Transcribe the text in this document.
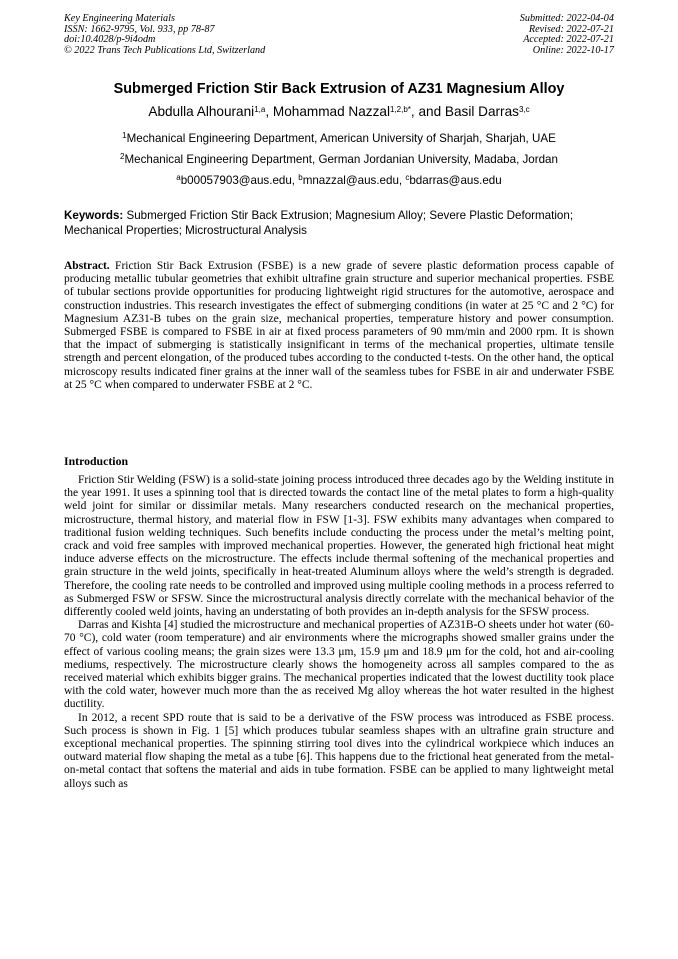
Key Engineering Materials
ISSN: 1662-9795, Vol. 933, pp 78-87
doi:10.4028/p-9i4odm
© 2022 Trans Tech Publications Ltd, Switzerland
Submitted: 2022-04-04
Revised: 2022-07-21
Accepted: 2022-07-21
Online: 2022-10-17
Submerged Friction Stir Back Extrusion of AZ31 Magnesium Alloy
Abdulla Alhourani$^{1,a}$, Mohammad Nazzal$^{1,2,b*}$, and Basil Darras$^{3,c}$
$^1$Mechanical Engineering Department, American University of Sharjah, Sharjah, UAE
$^2$Mechanical Engineering Department, German Jordanian University, Madaba, Jordan
$^a$b00057903@aus.edu, $^b$mnazzal@aus.edu, $^c$bdarras@aus.edu
Keywords: Submerged Friction Stir Back Extrusion; Magnesium Alloy; Severe Plastic Deformation; Mechanical Properties; Microstructural Analysis
Abstract. Friction Stir Back Extrusion (FSBE) is a new grade of severe plastic deformation process capable of producing metallic tubular geometries that exhibit ultrafine grain structure and superior mechanical properties. FSBE of tubular sections provide opportunities for producing lightweight rigid structures for the automotive, aerospace and construction industries. This research investigates the effect of submerging conditions (in water at 25 °C and 2 °C) for Magnesium AZ31-B tubes on the grain size, mechanical properties, temperature history and power consumption. Submerged FSBE is compared to FSBE in air at fixed process parameters of 90 mm/min and 2000 rpm. It is shown that the impact of submerging is statistically insignificant in terms of the mechanical properties, ultimate tensile strength and percent elongation, of the produced tubes according to the conducted t-tests. On the other hand, the optical microscopy results indicated finer grains at the inner wall of the seamless tubes for FSBE in air and underwater FSBE at 25 °C when compared to underwater FSBE at 2 °C.
Introduction

Friction Stir Welding (FSW) is a solid-state joining process introduced three decades ago by the Welding institute in the year 1991. It uses a spinning tool that is directed towards the contact line of the metal plates to form a high-quality weld joint for similar or dissimilar metals. Many researchers conducted research on the mechanical properties, microstructure, thermal history, and material flow in FSW [1-3]. FSW exhibits many advantages when compared to traditional fusion welding techniques. Such benefits include conducting the process under the metal’s melting point, crack and void free samples with improved mechanical properties. However, the generated high frictional heat might induce adverse effects on the microstructure. The effects include thermal softening of the mechanical properties and grain structure in the weld joints, specifically in heat-treated Aluminum alloys where the weld’s strength is degraded. Therefore, the cooling rate needs to be controlled and improved using multiple cooling methods in a process referred to as Submerged FSW or SFSW. Since the microstructural analysis directly correlate with the mechanical behavior of the differently cooled weld joints, having an understating of both provides an in-depth analysis for the SFSW process.

Darras and Kishta [4] studied the microstructure and mechanical properties of AZ31B-O sheets under hot water (60-70 °C), cold water (room temperature) and air environments where the micrographs showed smaller grains under the effect of various cooling means; the grain sizes were 13.3 μm, 15.9 μm and 18.9 μm for the cold, hot and air-cooling mediums, respectively. The microstructure clearly shows the homogeneity across all samples compared to the as received material which exhibits bigger grains. The mechanical properties indicated that the lowest ductility took place with the cold water, however much more than the as received Mg alloy whereas the hot water resulted in the highest ductility.

In 2012, a recent SPD route that is said to be a derivative of the FSW process was introduced as FSBE process. Such process is shown in Fig. 1 [5] which produces tubular seamless shapes with an ultrafine grain structure and exceptional mechanical properties. The spinning stirring tool dives into the cylindrical workpiece which induces an outward material flow shaping the metal as a tube [6]. This happens due to the frictional heat generated from the metal-on-metal contact that softens the material and aids in tube formation. FSBE can be applied to many lightweight metal alloys such as
